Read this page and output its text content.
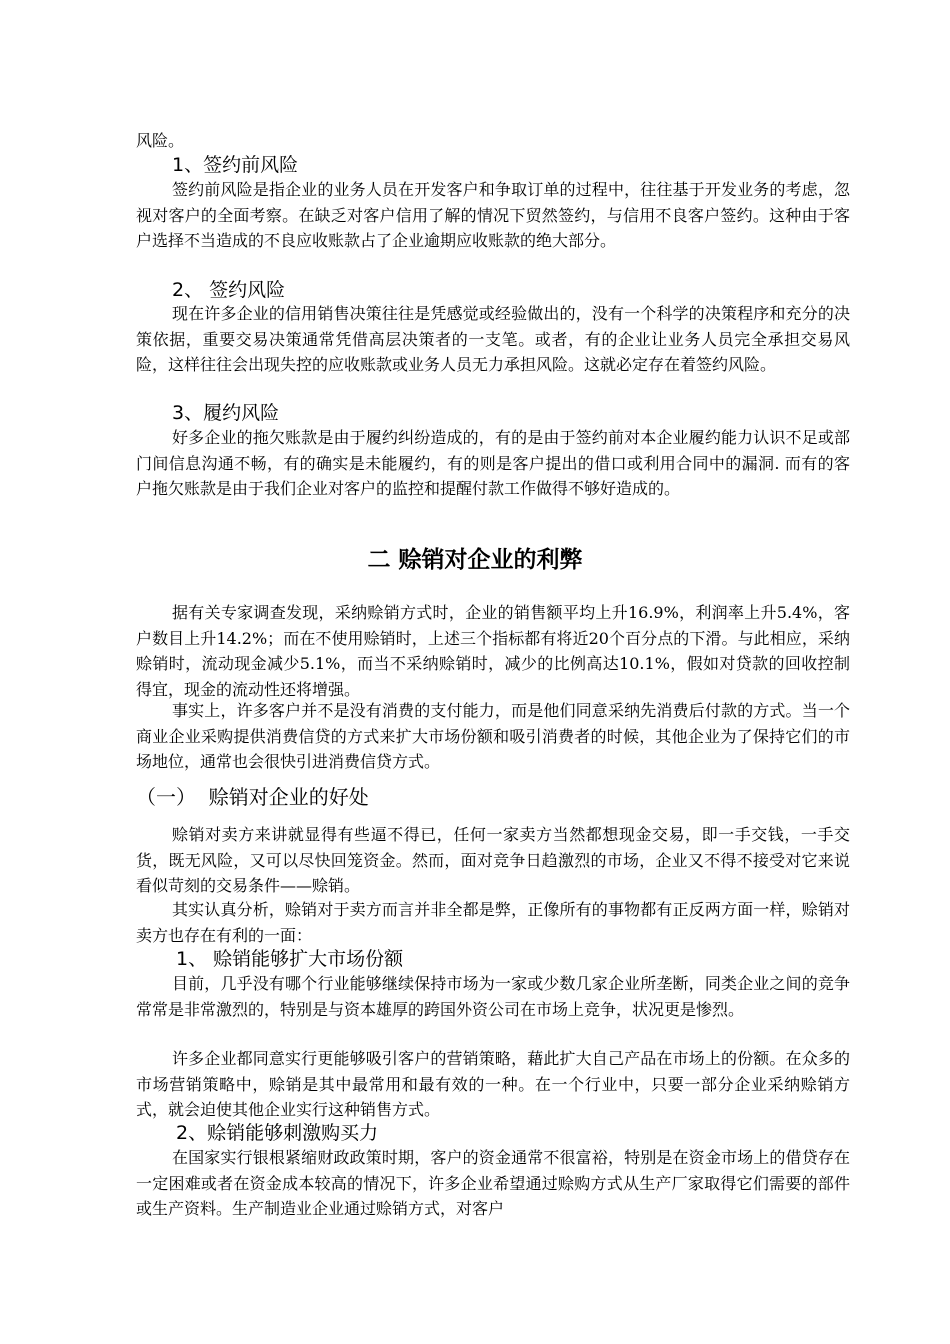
风险。

1、签约前风险

签约前风险是指企业的业务人员在开发客户和争取订单的过程中，往往基于开发业务的考虑，忽视对客户的全面考察。在缺乏对客户信用了解的情况下贸然签约，与信用不良客户签约。这种由于客户选择不当造成的不良应收账款占了企业逾期应收账款的绝大部分。

2、 签约风险

现在许多企业的信用销售决策往往是凭感觉或经验做出的，没有一个科学的决策程序和充分的决策依据，重要交易决策通常凭借高层决策者的一支笔。或者，有的企业让业务人员完全承担交易风险，这样往往会出现失控的应收账款或业务人员无力承担风险。这就必定存在着签约风险。

3、履约风险

好多企业的拖欠账款是由于履约纠纷造成的，有的是由于签约前对本企业履约能力认识不足或部门间信息沟通不畅，有的确实是未能履约，有的则是客户提出的借口或利用合同中的漏洞. 而有的客户拖欠账款是由于我们企业对客户的监控和提醒付款工作做得不够好造成的。

二 赊销对企业的利弊

据有关专家调查发现，采纳赊销方式时，企业的销售额平均上升16.9%，利润率上升5.4%，客户数目上升14.2%；而在不使用赊销时，上述三个指标都有将近20个百分点的下滑。与此相应，采纳赊销时，流动现金减少5.1%，而当不采纳赊销时，减少的比例高达10.1%，假如对贷款的回收控制得宜，现金的流动性还将增强。

事实上，许多客户并不是没有消费的支付能力，而是他们同意采纳先消费后付款的方式。当一个商业企业采购提供消费信贷的方式来扩大市场份额和吸引消费者的时候，其他企业为了保持它们的市场地位，通常也会很快引进消费信贷方式。

（一）  赊销对企业的好处

赊销对卖方来讲就显得有些逼不得已，任何一家卖方当然都想现金交易，即一手交钱，一手交货，既无风险，又可以尽快回笼资金。然而，面对竞争日趋激烈的市场，企业又不得不接受对它来说看似苛刻的交易条件——赊销。

其实认真分析，赊销对于卖方而言并非全都是弊，正像所有的事物都有正反两方面一样，赊销对卖方也存在有利的一面：

1、 赊销能够扩大市场份额

目前，几乎没有哪个行业能够继续保持市场为一家或少数几家企业所垄断，同类企业之间的竞争常常是非常激烈的，特别是与资本雄厚的跨国外资公司在市场上竞争，状况更是惨烈。

许多企业都同意实行更能够吸引客户的营销策略，藉此扩大自己产品在市场上的份额。在众多的市场营销策略中，赊销是其中最常用和最有效的一种。在一个行业中，只要一部分企业采纳赊销方式，就会迫使其他企业实行这种销售方式。

2、赊销能够刺激购买力

在国家实行银根紧缩财政政策时期，客户的资金通常不很富裕，特别是在资金市场上的借贷存在一定困难或者在资金成本较高的情况下，许多企业希望通过赊购方式从生产厂家取得它们需要的部件或生产资料。生产制造业企业通过赊销方式，对客户
